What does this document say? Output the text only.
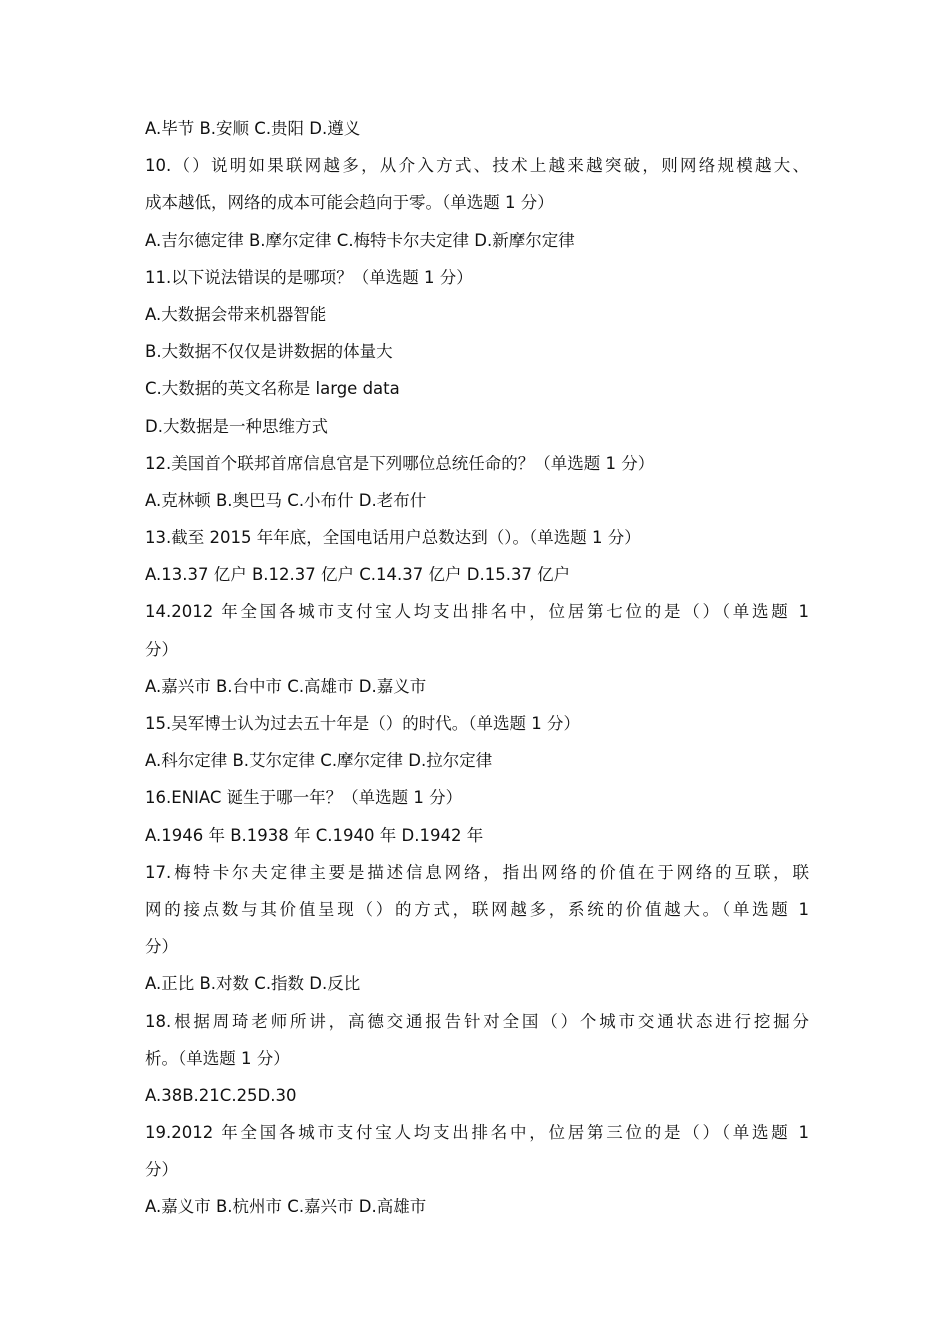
A.毕节 B.安顺 C.贵阳 D.遵义
10.（）说明如果联网越多，从介入方式、技术上越来越突破，则网络规模越大、
成本越低，网络的成本可能会趋向于零。（单选题 1 分）
A.吉尔德定律 B.摩尔定律 C.梅特卡尔夫定律 D.新摩尔定律
11.以下说法错误的是哪项？（单选题 1 分）
A.大数据会带来机器智能
B.大数据不仅仅是讲数据的体量大
C.大数据的英文名称是 large data
D.大数据是一种思维方式
12.美国首个联邦首席信息官是下列哪位总统任命的？（单选题 1 分）
A.克林顿 B.奥巴马 C.小布什 D.老布什
13.截至 2015 年年底，全国电话用户总数达到（）。（单选题 1 分）
A.13.37 亿户 B.12.37 亿户 C.14.37 亿户 D.15.37 亿户
14.2012 年全国各城市支付宝人均支出排名中，位居第七位的是（）（单选题 1
分）
A.嘉兴市 B.台中市 C.高雄市 D.嘉义市
15.吴军博士认为过去五十年是（）的时代。（单选题 1 分）
A.科尔定律 B.艾尔定律 C.摩尔定律 D.拉尔定律
16.ENIAC 诞生于哪一年？（单选题 1 分）
A.1946 年 B.1938 年 C.1940 年 D.1942 年
17.梅特卡尔夫定律主要是描述信息网络，指出网络的价值在于网络的互联，联
网的接点数与其价值呈现（）的方式，联网越多，系统的价值越大。（单选题 1
分）
A.正比 B.对数 C.指数 D.反比
18.根据周琦老师所讲，高德交通报告针对全国（）个城市交通状态进行挖掘分
析。（单选题 1 分）
A.38B.21C.25D.30
19.2012 年全国各城市支付宝人均支出排名中，位居第三位的是（）（单选题 1
分）
A.嘉义市 B.杭州市 C.嘉兴市 D.高雄市
